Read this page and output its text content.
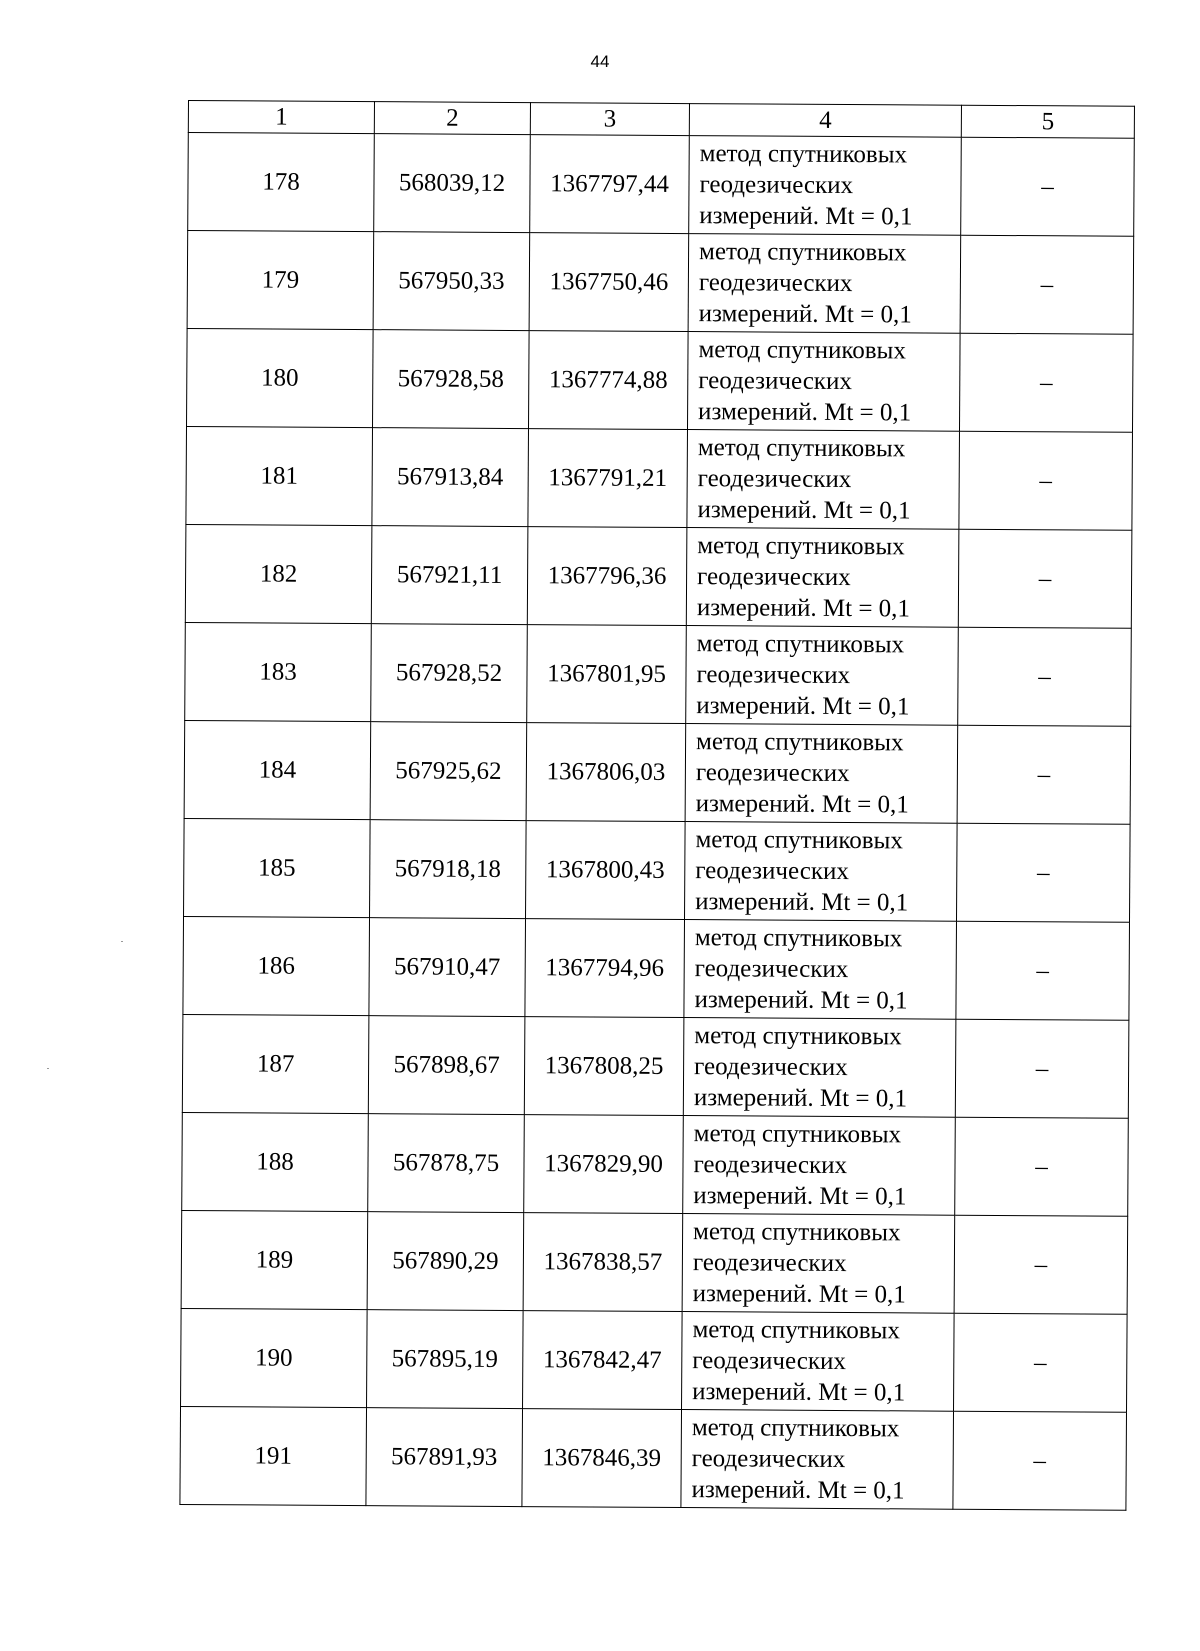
44
1	2	3	4	5
178	568039,12	1367797,44	метод спутниковых
геодезических
измерений. Mt = 0,1	–
179	567950,33	1367750,46	метод спутниковых
геодезических
измерений. Mt = 0,1	–
180	567928,58	1367774,88	метод спутниковых
геодезических
измерений. Mt = 0,1	–
181	567913,84	1367791,21	метод спутниковых
геодезических
измерений. Mt = 0,1	–
182	567921,11	1367796,36	метод спутниковых
геодезических
измерений. Mt = 0,1	–
183	567928,52	1367801,95	метод спутниковых
геодезических
измерений. Mt = 0,1	–
184	567925,62	1367806,03	метод спутниковых
геодезических
измерений. Mt = 0,1	–
185	567918,18	1367800,43	метод спутниковых
геодезических
измерений. Mt = 0,1	–
186	567910,47	1367794,96	метод спутниковых
геодезических
измерений. Mt = 0,1	–
187	567898,67	1367808,25	метод спутниковых
геодезических
измерений. Mt = 0,1	–
188	567878,75	1367829,90	метод спутниковых
геодезических
измерений. Mt = 0,1	–
189	567890,29	1367838,57	метод спутниковых
геодезических
измерений. Mt = 0,1	–
190	567895,19	1367842,47	метод спутниковых
геодезических
измерений. Mt = 0,1	–
191	567891,93	1367846,39	метод спутниковых
геодезических
измерений. Mt = 0,1	–
